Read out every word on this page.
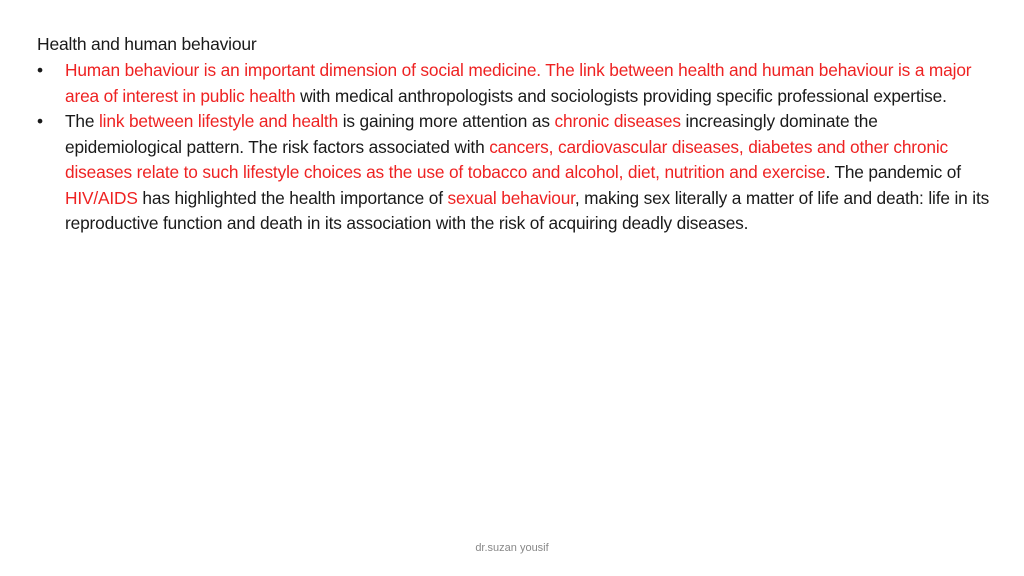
Health and human behaviour
•	Human behaviour is an important dimension of social medicine. The link between health and human behaviour is a major area of interest in public health with medical anthropologists and sociologists providing specific professional expertise.
•	The link between lifestyle and health is gaining more attention as chronic diseases increasingly dominate the epidemiological pattern. The risk factors associated with cancers, cardiovascular diseases, diabetes and other chronic diseases relate to such lifestyle choices as the use of tobacco and alcohol, diet, nutrition and exercise. The pandemic of HIV/AIDS has highlighted the health importance of sexual behaviour, making sex literally a matter of life and death: life in its reproductive function and death in its association with the risk of acquiring deadly diseases.
dr.suzan yousif
